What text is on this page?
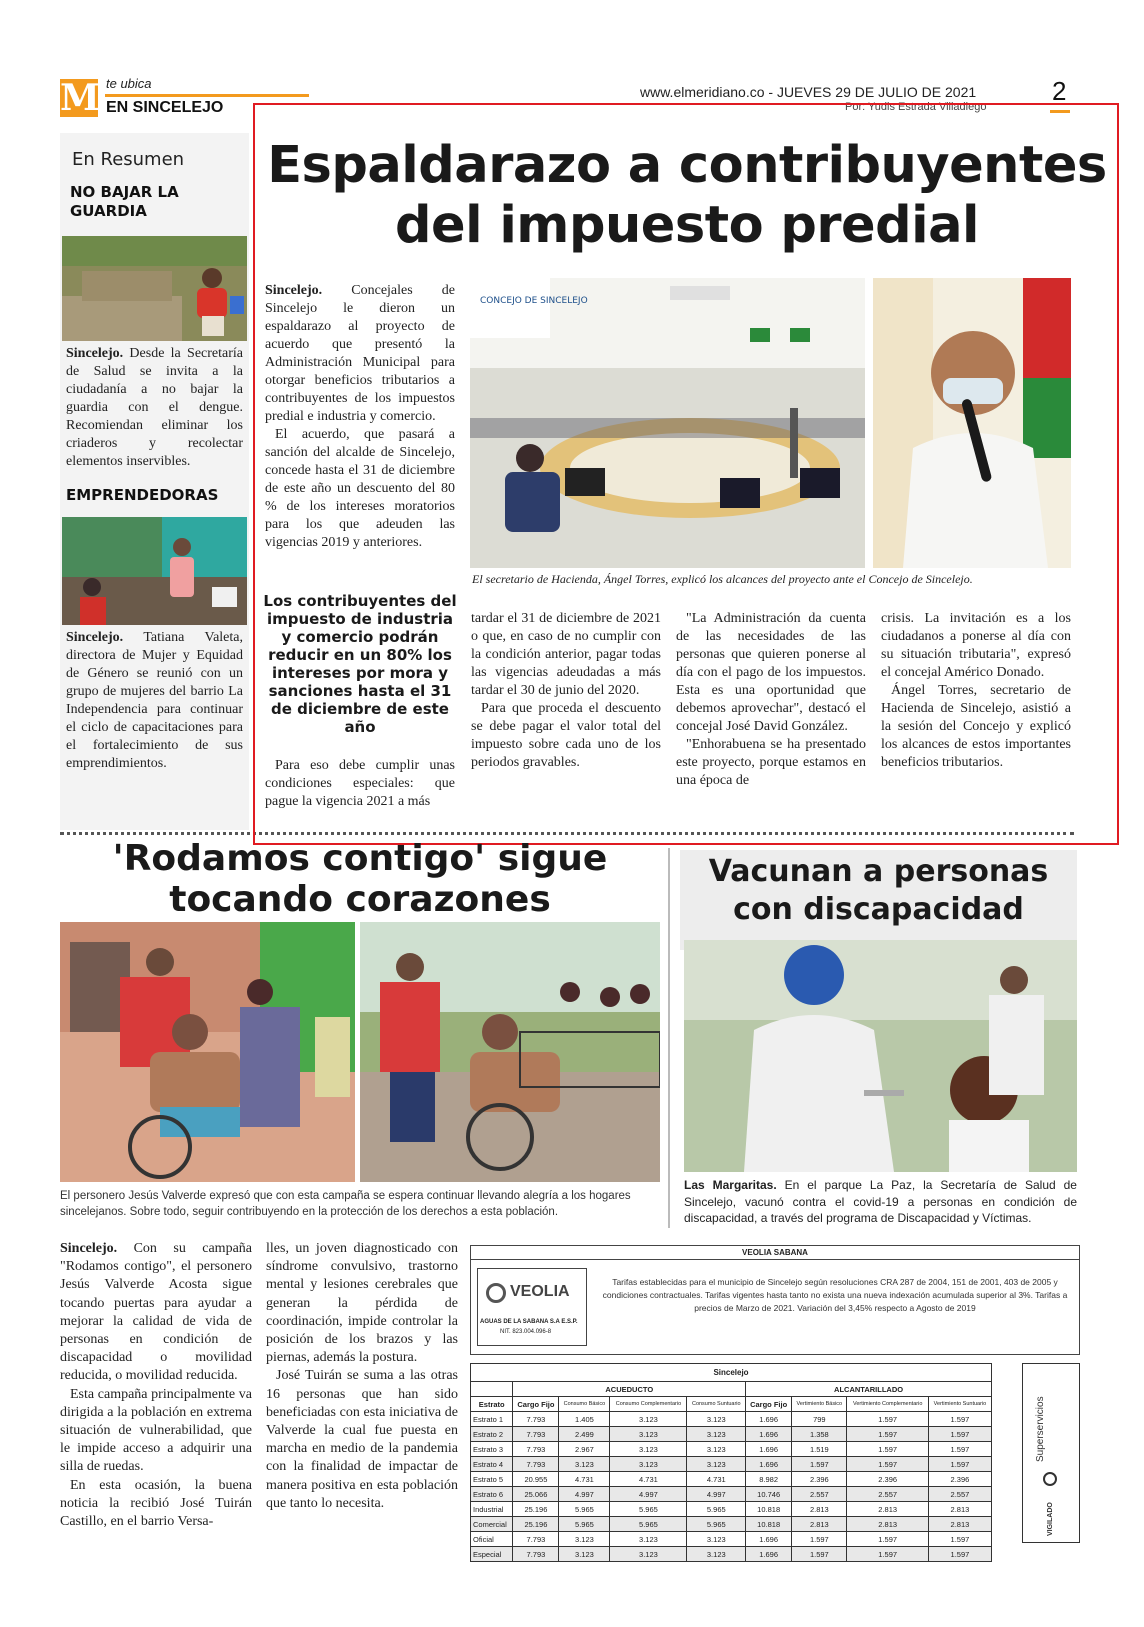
M te ubica
EN SINCELEJO
www.elmeridiano.co - JUEVES 29 DE JULIO DE 2021	2
Por: Yudis Estrada Villadiego
En Resumen
NO BAJAR LA GUARDIA
Sincelejo. Desde la Secretaría de Salud se invita a la ciudadanía a no bajar la guardia con el dengue. Recomiendan eliminar los criaderos y recolectar elementos inservibles.
EMPRENDEDORAS
Sincelejo. Tatiana Valeta, directora de Mujer y Equidad de Género se reunió con un grupo de mujeres del barrio La Independencia para continuar el ciclo de capacitaciones para el fortalecimiento de sus emprendimientos.
Espaldarazo a contribuyentes
del impuesto predial

Sincelejo. Concejales de Sincelejo le dieron un espaldarazo al proyecto de acuerdo que presentó la Administración Municipal para otorgar beneficios tributarios a contribuyentes de los impuestos predial e industria y comercio.

El acuerdo, que pasará a sanción del alcalde de Sincelejo, concede hasta el 31 de diciembre de este año un descuento del 80 % de los intereses moratorios para los que adeuden las vigencias 2019 y anteriores.

Los contribuyentes del impuesto de industria y comercio podrán reducir en un 80% los intereses por mora y sanciones hasta el 31 de diciembre de este año

Para eso debe cumplir unas condiciones especiales: que pague la vigencia 2021 a más

CONCEJO DE SINCELEJO
El secretario de Hacienda, Ángel Torres, explicó los alcances del proyecto ante el Concejo de Sincelejo.

tardar el 31 de diciembre de 2021 o que, en caso de no cumplir con la condición anterior, pagar todas las vigencias adeudadas a más tardar el 30 de junio del 2020.

Para que proceda el descuento se debe pagar el valor total del impuesto sobre cada uno de los periodos gravables.

"La Administración da cuenta de las necesidades de las personas que quieren ponerse al día con el pago de los impuestos. Esta es una oportunidad que debemos aprovechar", destacó el concejal José David González.

"Enhorabuena se ha presentado este proyecto, porque estamos en una época de

crisis. La invitación es a los ciudadanos a ponerse al día con su situación tributaria", expresó el concejal Américo Donado.

Ángel Torres, secretario de Hacienda de Sincelejo, asistió a la sesión del Concejo y explicó los alcances de estos importantes beneficios tributarios.

'Rodamos contigo' sigue
tocando corazones
El personero Jesús Valverde expresó que con esta campaña se espera continuar llevando alegría a los hogares sincelejanos. Sobre todo, seguir contribuyendo en la protección de los derechos a esta población.

Sincelejo. Con su campaña "Rodamos contigo", el personero Jesús Valverde Acosta sigue tocando puertas para ayudar a mejorar la calidad de vida de personas en condición de discapacidad o movilidad reducida, o movilidad reducida.

Esta campaña principalmente va dirigida a la población en extrema situación de vulnerabilidad, que le impide acceso a adquirir una silla de ruedas.

En esta ocasión, la buena noticia la recibió José Tuirán Castillo, en el barrio Versa-

lles, un joven diagnosticado con síndrome convulsivo, trastorno mental y lesiones cerebrales que generan la pérdida de coordinación, impide controlar la posición de los brazos y las piernas, además la postura.

José Tuirán se suma a las otras 16 personas que han sido beneficiadas con esta iniciativa de Valverde la cual fue puesta en marcha en medio de la pandemia con la finalidad de impactar de manera positiva en esta población que tanto lo necesita.

Vacunan a personas
con discapacidad
Las Margaritas. En el parque La Paz, la Secretaría de Salud de Sincelejo, vacunó contra el covid-19 a personas en condición de discapacidad, a través del programa de Discapacidad y Víctimas.
VEOLIA SABANA
VEOLIA
AGUAS DE LA SABANA S.A E.S.P.
NIT. 823.004.096-8
Tarifas establecidas para el municipio de Sincelejo según resoluciones CRA 287 de 2004, 151 de 2001, 403 de 2005 y condiciones contractuales. Tarifas vigentes hasta tanto no exista una nueva indexación acumulada superior al 3%. Tarifas a precios de Marzo de 2021. Variación del 3,45% respecto a Agosto de 2019
Sincelejo								
	ACUEDUCTO				ALCANTARILLADO			
Estrato	Cargo Fijo	Consumo Básico	Consumo Complementario	Consumo Suntuario	Cargo Fijo	Vertimiento Básico	Vertimiento Complementario	Vertimiento Suntuario
Estrato 1	7.793	1.405	3.123	3.123	1.696	799	1.597	1.597
Estrato 2	7.793	2.499	3.123	3.123	1.696	1.358	1.597	1.597
Estrato 3	7.793	2.967	3.123	3.123	1.696	1.519	1.597	1.597
Estrato 4	7.793	3.123	3.123	3.123	1.696	1.597	1.597	1.597
Estrato 5	20.955	4.731	4.731	4.731	8.982	2.396	2.396	2.396
Estrato 6	25.066	4.997	4.997	4.997	10.746	2.557	2.557	2.557
Industrial	25.196	5.965	5.965	5.965	10.818	2.813	2.813	2.813
Comercial	25.196	5.965	5.965	5.965	10.818	2.813	2.813	2.813
Oficial	7.793	3.123	3.123	3.123	1.696	1.597	1.597	1.597
Especial	7.793	3.123	3.123	3.123	1.696	1.597	1.597	1.597
Superservicios
VIGILADO
